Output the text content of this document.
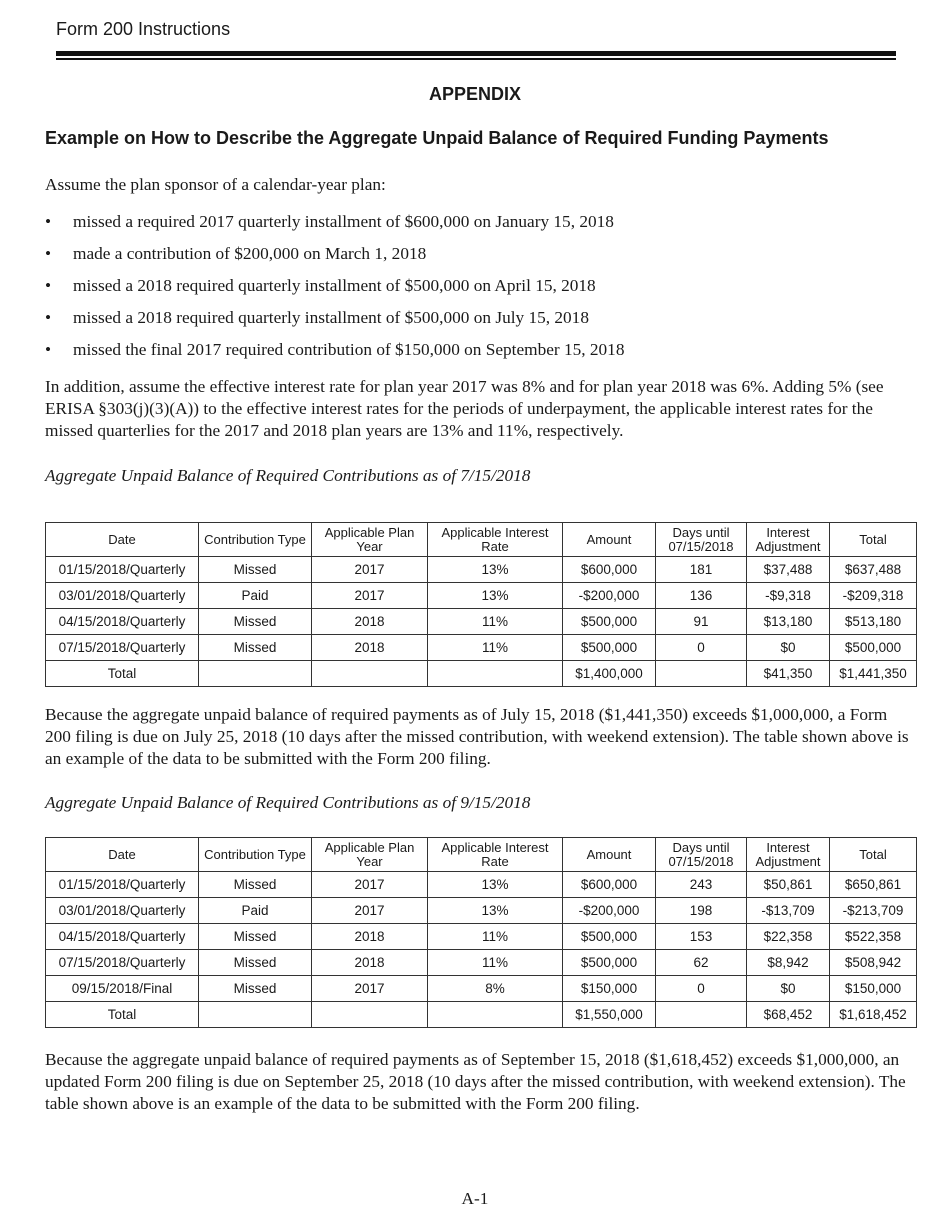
Form 200 Instructions
APPENDIX
Example on How to Describe the Aggregate Unpaid Balance of Required Funding Payments
Assume the plan sponsor of a calendar-year plan:
• missed a required 2017 quarterly installment of $600,000 on January 15, 2018
• made a contribution of $200,000 on March 1, 2018
• missed a 2018 required quarterly installment of $500,000 on April 15, 2018
• missed a 2018 required quarterly installment of $500,000 on July 15, 2018
• missed the final 2017 required contribution of $150,000 on September 15, 2018
In addition, assume the effective interest rate for plan year 2017 was 8% and for plan year 2018 was 6%. Adding 5% (see ERISA §303(j)(3)(A)) to the effective interest rates for the periods of underpayment, the applicable interest rates for the missed quarterlies for the 2017 and 2018 plan years are 13% and 11%, respectively.
Aggregate Unpaid Balance of Required Contributions as of 7/15/2018
Date	Contribution Type	Applicable Plan Year	Applicable Interest Rate	Amount	Days until 07/15/2018	Interest Adjustment	Total
01/15/2018/Quarterly	Missed	2017	13%	$600,000	181	$37,488	$637,488
03/01/2018/Quarterly	Paid	2017	13%	-$200,000	136	-$9,318	-$209,318
04/15/2018/Quarterly	Missed	2018	11%	$500,000	91	$13,180	$513,180
07/15/2018/Quarterly	Missed	2018	11%	$500,000	0	$0	$500,000
Total				$1,400,000		$41,350	$1,441,350
Because the aggregate unpaid balance of required payments as of July 15, 2018 ($1,441,350) exceeds $1,000,000, a Form 200 filing is due on July 25, 2018 (10 days after the missed contribution, with weekend extension). The table shown above is an example of the data to be submitted with the Form 200 filing.
Aggregate Unpaid Balance of Required Contributions as of 9/15/2018
Date	Contribution Type	Applicable Plan Year	Applicable Interest Rate	Amount	Days until 07/15/2018	Interest Adjustment	Total
01/15/2018/Quarterly	Missed	2017	13%	$600,000	243	$50,861	$650,861
03/01/2018/Quarterly	Paid	2017	13%	-$200,000	198	-$13,709	-$213,709
04/15/2018/Quarterly	Missed	2018	11%	$500,000	153	$22,358	$522,358
07/15/2018/Quarterly	Missed	2018	11%	$500,000	62	$8,942	$508,942
09/15/2018/Final	Missed	2017	8%	$150,000	0	$0	$150,000
Total				$1,550,000		$68,452	$1,618,452
Because the aggregate unpaid balance of required payments as of September 15, 2018 ($1,618,452) exceeds $1,000,000, an updated Form 200 filing is due on September 25, 2018 (10 days after the missed contribution, with weekend extension). The table shown above is an example of the data to be submitted with the Form 200 filing.
A-1
